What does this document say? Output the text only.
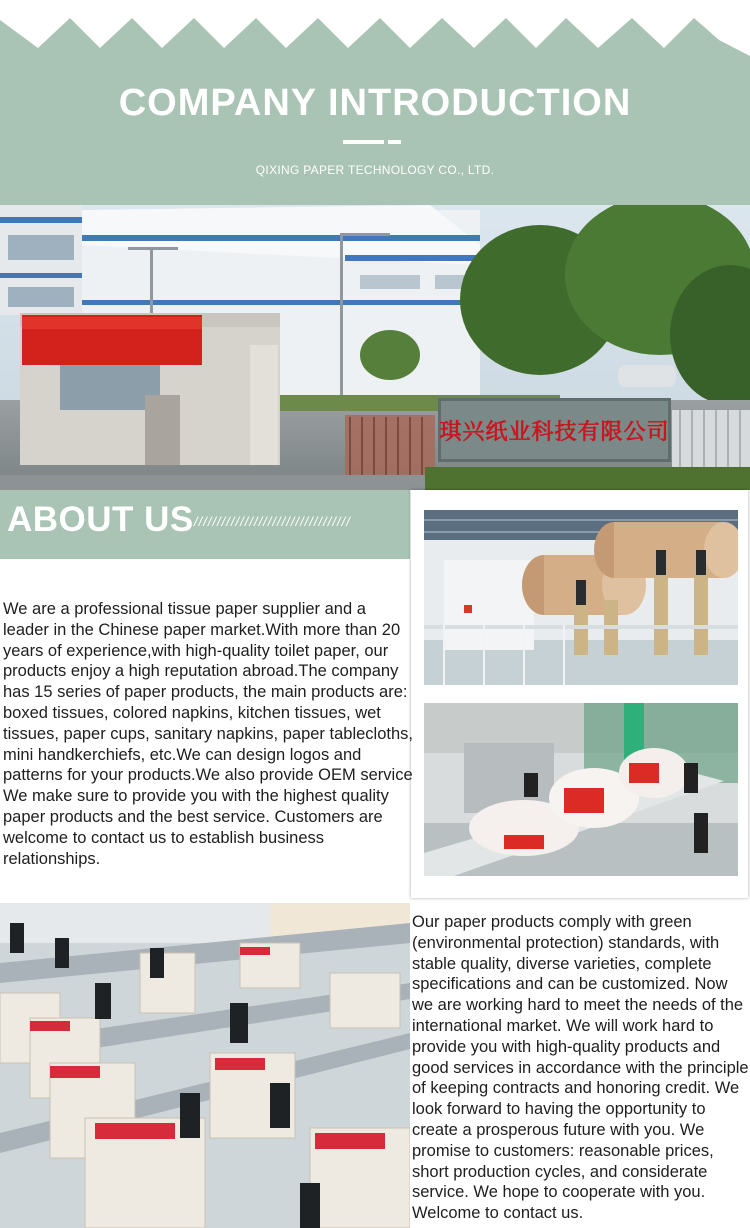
COMPANY INTRODUCTION
QIXING PAPER TECHNOLOGY CO., LTD.
琪兴纸业科技有限公司
ABOUT US //////////////////////////////////

We are a professional tissue paper supplier and a leader in the Chinese paper market.With more than 20 years of experience,with high-quality toilet paper, our products enjoy a high reputation abroad.The company has 15 series of paper products, the main products are: boxed tissues, colored napkins, kitchen tissues, wet tissues, paper cups, sanitary napkins, paper tablecloths, mini handkerchiefs, etc.We can design logos and patterns for your products.We also provide OEM service We make sure to provide you with the highest quality paper products and the best service. Customers are welcome to contact us to establish business relationships.

Our paper products comply with green (environmental protection) standards, with stable quality, diverse varieties, complete specifications and can be customized. Now we are working hard to meet the needs of the international market. We will work hard to provide you with high-quality products and good services in accordance with the principle of keeping contracts and honoring credit. We look forward to having the opportunity to create a prosperous future with you. We promise to customers: reasonable prices, short production cycles, and considerate service. We hope to cooperate with you. Welcome to contact us.
